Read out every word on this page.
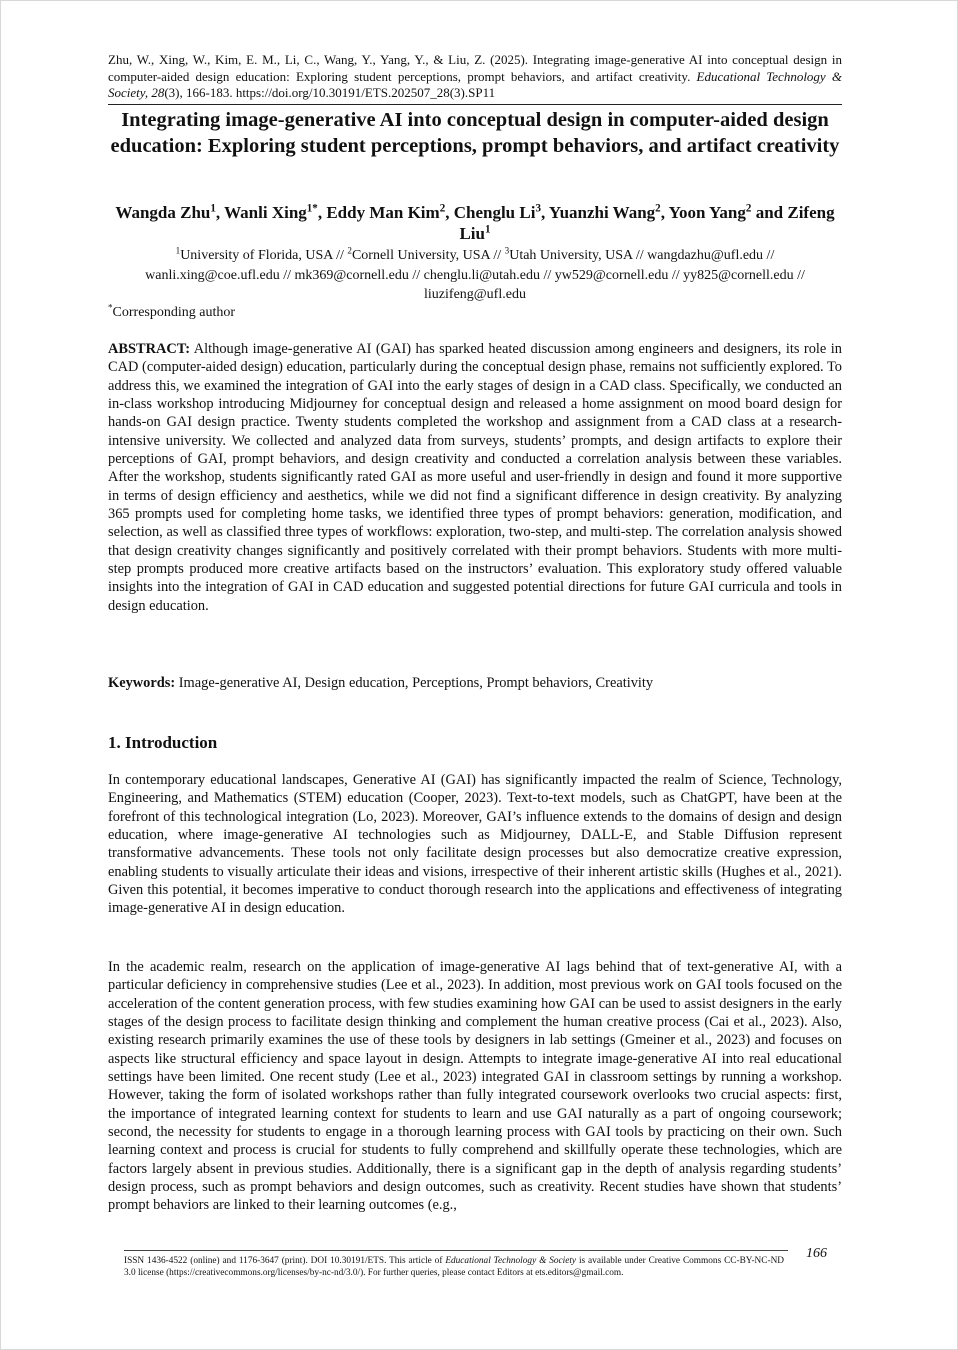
Zhu, W., Xing, W., Kim, E. M., Li, C., Wang, Y., Yang, Y., & Liu, Z. (2025). Integrating image-generative AI into conceptual design in computer-aided design education: Exploring student perceptions, prompt behaviors, and artifact creativity. Educational Technology & Society, 28(3), 166-183. https://doi.org/10.30191/ETS.202507_28(3).SP11
Integrating image-generative AI into conceptual design in computer-aided design education: Exploring student perceptions, prompt behaviors, and artifact creativity
Wangda Zhu$^1$, Wanli Xing$^{1*}$, Eddy Man Kim$^2$, Chenglu Li$^3$, Yuanzhi Wang$^2$, Yoon Yang$^2$ and Zifeng Liu$^1$
$^1$University of Florida, USA // $^2$Cornell University, USA // $^3$Utah University, USA // wangdazhu@ufl.edu // wanli.xing@coe.ufl.edu // mk369@cornell.edu // chenglu.li@utah.edu // yw529@cornell.edu // yy825@cornell.edu // liuzifeng@ufl.edu
*Corresponding author
ABSTRACT: Although image-generative AI (GAI) has sparked heated discussion among engineers and designers, its role in CAD (computer-aided design) education, particularly during the conceptual design phase, remains not sufficiently explored. To address this, we examined the integration of GAI into the early stages of design in a CAD class. Specifically, we conducted an in-class workshop introducing Midjourney for conceptual design and released a home assignment on mood board design for hands-on GAI design practice. Twenty students completed the workshop and assignment from a CAD class at a research-intensive university. We collected and analyzed data from surveys, students’ prompts, and design artifacts to explore their perceptions of GAI, prompt behaviors, and design creativity and conducted a correlation analysis between these variables. After the workshop, students significantly rated GAI as more useful and user-friendly in design and found it more supportive in terms of design efficiency and aesthetics, while we did not find a significant difference in design creativity. By analyzing 365 prompts used for completing home tasks, we identified three types of prompt behaviors: generation, modification, and selection, as well as classified three types of workflows: exploration, two-step, and multi-step. The correlation analysis showed that design creativity changes significantly and positively correlated with their prompt behaviors. Students with more multi-step prompts produced more creative artifacts based on the instructors’ evaluation. This exploratory study offered valuable insights into the integration of GAI in CAD education and suggested potential directions for future GAI curricula and tools in design education.
Keywords: Image-generative AI, Design education, Perceptions, Prompt behaviors, Creativity
1. Introduction
In contemporary educational landscapes, Generative AI (GAI) has significantly impacted the realm of Science, Technology, Engineering, and Mathematics (STEM) education (Cooper, 2023). Text-to-text models, such as ChatGPT, have been at the forefront of this technological integration (Lo, 2023). Moreover, GAI’s influence extends to the domains of design and design education, where image-generative AI technologies such as Midjourney, DALL-E, and Stable Diffusion represent transformative advancements. These tools not only facilitate design processes but also democratize creative expression, enabling students to visually articulate their ideas and visions, irrespective of their inherent artistic skills (Hughes et al., 2021). Given this potential, it becomes imperative to conduct thorough research into the applications and effectiveness of integrating image-generative AI in design education.
In the academic realm, research on the application of image-generative AI lags behind that of text-generative AI, with a particular deficiency in comprehensive studies (Lee et al., 2023). In addition, most previous work on GAI tools focused on the acceleration of the content generation process, with few studies examining how GAI can be used to assist designers in the early stages of the design process to facilitate design thinking and complement the human creative process (Cai et al., 2023). Also, existing research primarily examines the use of these tools by designers in lab settings (Gmeiner et al., 2023) and focuses on aspects like structural efficiency and space layout in design. Attempts to integrate image-generative AI into real educational settings have been limited. One recent study (Lee et al., 2023) integrated GAI in classroom settings by running a workshop. However, taking the form of isolated workshops rather than fully integrated coursework overlooks two crucial aspects: first, the importance of integrated learning context for students to learn and use GAI naturally as a part of ongoing coursework; second, the necessity for students to engage in a thorough learning process with GAI tools by practicing on their own. Such learning context and process is crucial for students to fully comprehend and skillfully operate these technologies, which are factors largely absent in previous studies. Additionally, there is a significant gap in the depth of analysis regarding students’ design process, such as prompt behaviors and design outcomes, such as creativity. Recent studies have shown that students’ prompt behaviors are linked to their learning outcomes (e.g.,
ISSN 1436-4522 (online) and 1176-3647 (print). DOI 10.30191/ETS. This article of Educational Technology & Society is available under Creative Commons CC-BY-NC-ND 3.0 license (https://creativecommons.org/licenses/by-nc-nd/3.0/). For further queries, please contact Editors at ets.editors@gmail.com.
166
